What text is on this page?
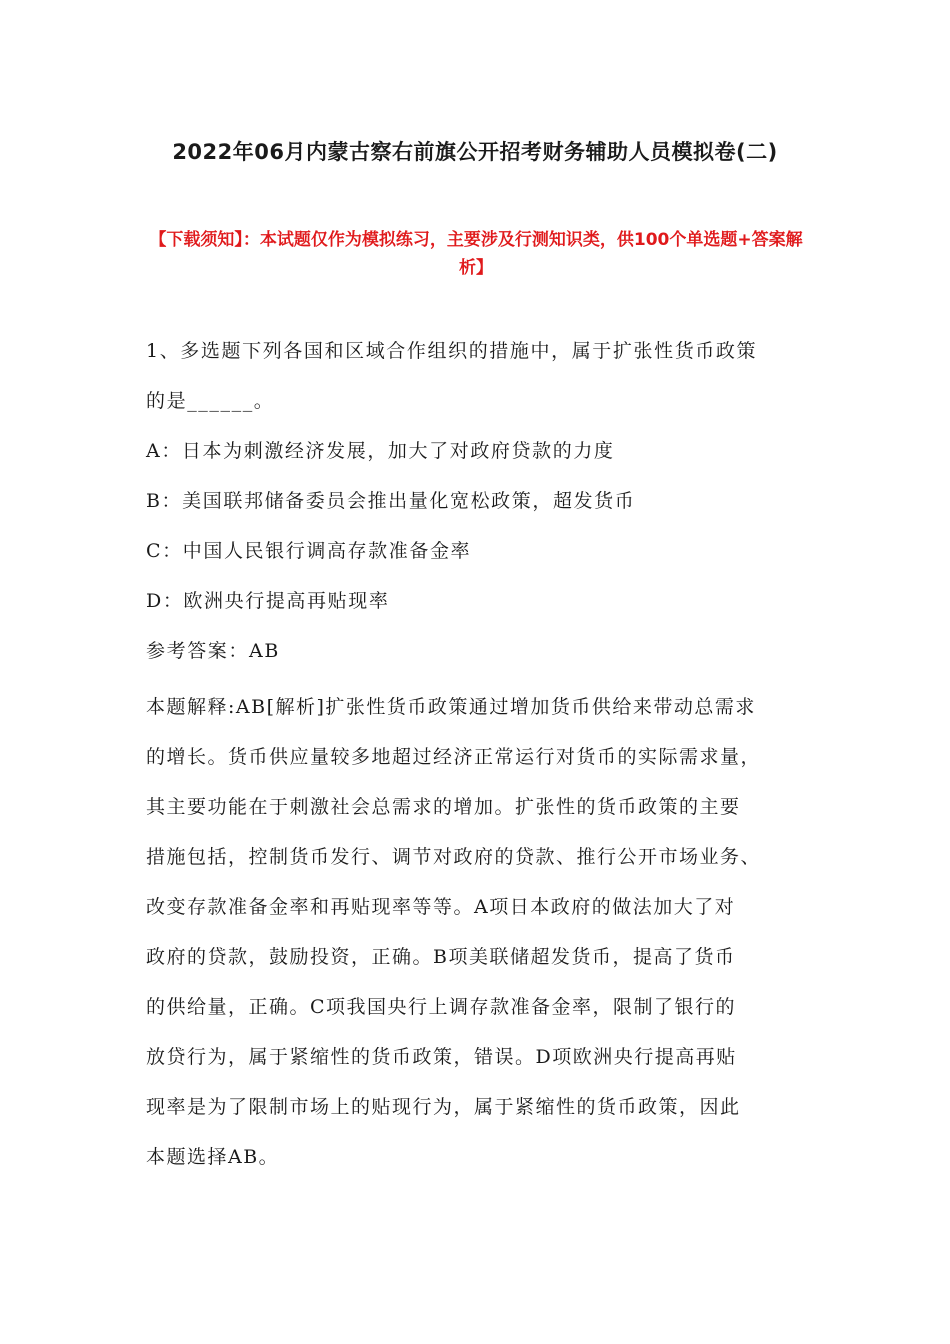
2022年06月内蒙古察右前旗公开招考财务辅助人员模拟卷(二)
【下载须知】：本试题仅作为模拟练习，主要涉及行测知识类，供100个单选题+答案解析】
1、多选题下列各国和区域合作组织的措施中，属于扩张性货币政策
的是______。
A：日本为刺激经济发展，加大了对政府贷款的力度
B：美国联邦储备委员会推出量化宽松政策，超发货币
C：中国人民银行调高存款准备金率
D：欧洲央行提高再贴现率
参考答案：AB
本题解释:AB[解析]扩张性货币政策通过增加货币供给来带动总需求
的增长。货币供应量较多地超过经济正常运行对货币的实际需求量，
其主要功能在于刺激社会总需求的增加。扩张性的货币政策的主要
措施包括，控制货币发行、调节对政府的贷款、推行公开市场业务、
改变存款准备金率和再贴现率等等。A项日本政府的做法加大了对
政府的贷款，鼓励投资，正确。B项美联储超发货币，提高了货币
的供给量，正确。C项我国央行上调存款准备金率，限制了银行的
放贷行为，属于紧缩性的货币政策，错误。D项欧洲央行提高再贴
现率是为了限制市场上的贴现行为，属于紧缩性的货币政策，因此
本题选择AB。
